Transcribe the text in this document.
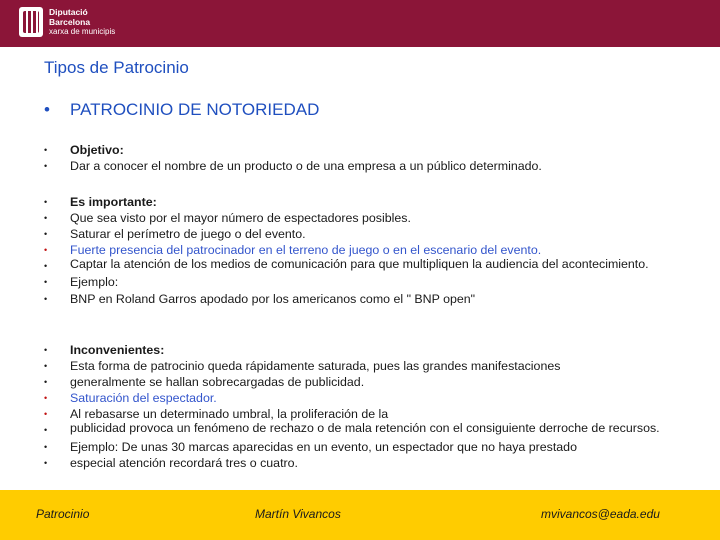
Diputació
Barcelona
xarxa de municipis
Tipos de Patrocinio
•	PATROCINIO DE NOTORIEDAD
•	Objetivo:
•	Dar a conocer el nombre de un producto o de una empresa a un público determinado.
•	Es importante:
•	Que sea visto por el mayor número de espectadores posibles.
•	Saturar el perímetro de juego o del evento.
•	Fuerte presencia del patrocinador en el terreno de juego o en el escenario del evento.
•	Captar la atención de los medios de comunicación para que multipliquen la audiencia del acontecimiento.
•	Ejemplo:
•	BNP en Roland Garros apodado por los americanos como el " BNP open"
•	Inconvenientes:
•	Esta forma de patrocinio queda rápidamente saturada, pues las grandes manifestaciones
•	generalmente se hallan sobrecargadas de publicidad.
•	Saturación del espectador.
•	Al rebasarse un determinado umbral, la proliferación de la
•	publicidad provoca un fenómeno de rechazo o de mala retención con el consiguiente derroche de recursos.
•	Ejemplo: De unas 30 marcas aparecidas en un evento, un espectador que no haya prestado
•	especial atención recordará tres o cuatro.
Patrocinio	Martín Vivancos	mvivancos@eada.edu
